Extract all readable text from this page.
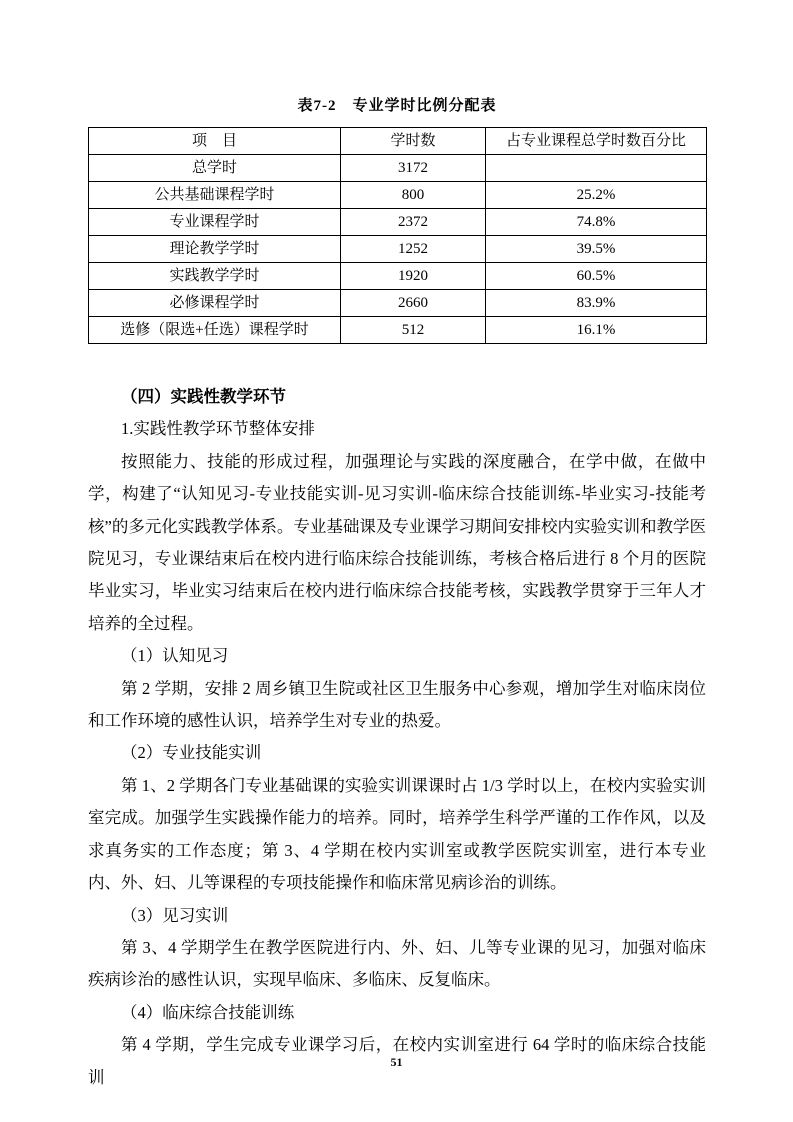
表7-2　专业学时比例分配表
项　目	学时数	占专业课程总学时数百分比
总学时	3172	
公共基础课程学时	800	25.2%
专业课程学时	2372	74.8%
理论教学学时	1252	39.5%
实践教学学时	1920	60.5%
必修课程学时	2660	83.9%
选修（限选+任选）课程学时	512	16.1%

（四）实践性教学环节

1.实践性教学环节整体安排

按照能力、技能的形成过程，加强理论与实践的深度融合，在学中做，在做中学，构建了“认知见习-专业技能实训-见习实训-临床综合技能训练-毕业实习-技能考核”的多元化实践教学体系。专业基础课及专业课学习期间安排校内实验实训和教学医院见习，专业课结束后在校内进行临床综合技能训练，考核合格后进行 8 个月的医院毕业实习，毕业实习结束后在校内进行临床综合技能考核，实践教学贯穿于三年人才培养的全过程。

（1）认知见习

第 2 学期，安排 2 周乡镇卫生院或社区卫生服务中心参观，增加学生对临床岗位和工作环境的感性认识，培养学生对专业的热爱。

（2）专业技能实训

第 1、2 学期各门专业基础课的实验实训课课时占 1/3 学时以上，在校内实验实训室完成。加强学生实践操作能力的培养。同时，培养学生科学严谨的工作作风，以及求真务实的工作态度；第 3、4 学期在校内实训室或教学医院实训室，进行本专业内、外、妇、儿等课程的专项技能操作和临床常见病诊治的训练。

（3）见习实训

第 3、4 学期学生在教学医院进行内、外、妇、儿等专业课的见习，加强对临床疾病诊治的感性认识，实现早临床、多临床、反复临床。

（4）临床综合技能训练

第 4 学期，学生完成专业课学习后，在校内实训室进行 64 学时的临床综合技能训

51
